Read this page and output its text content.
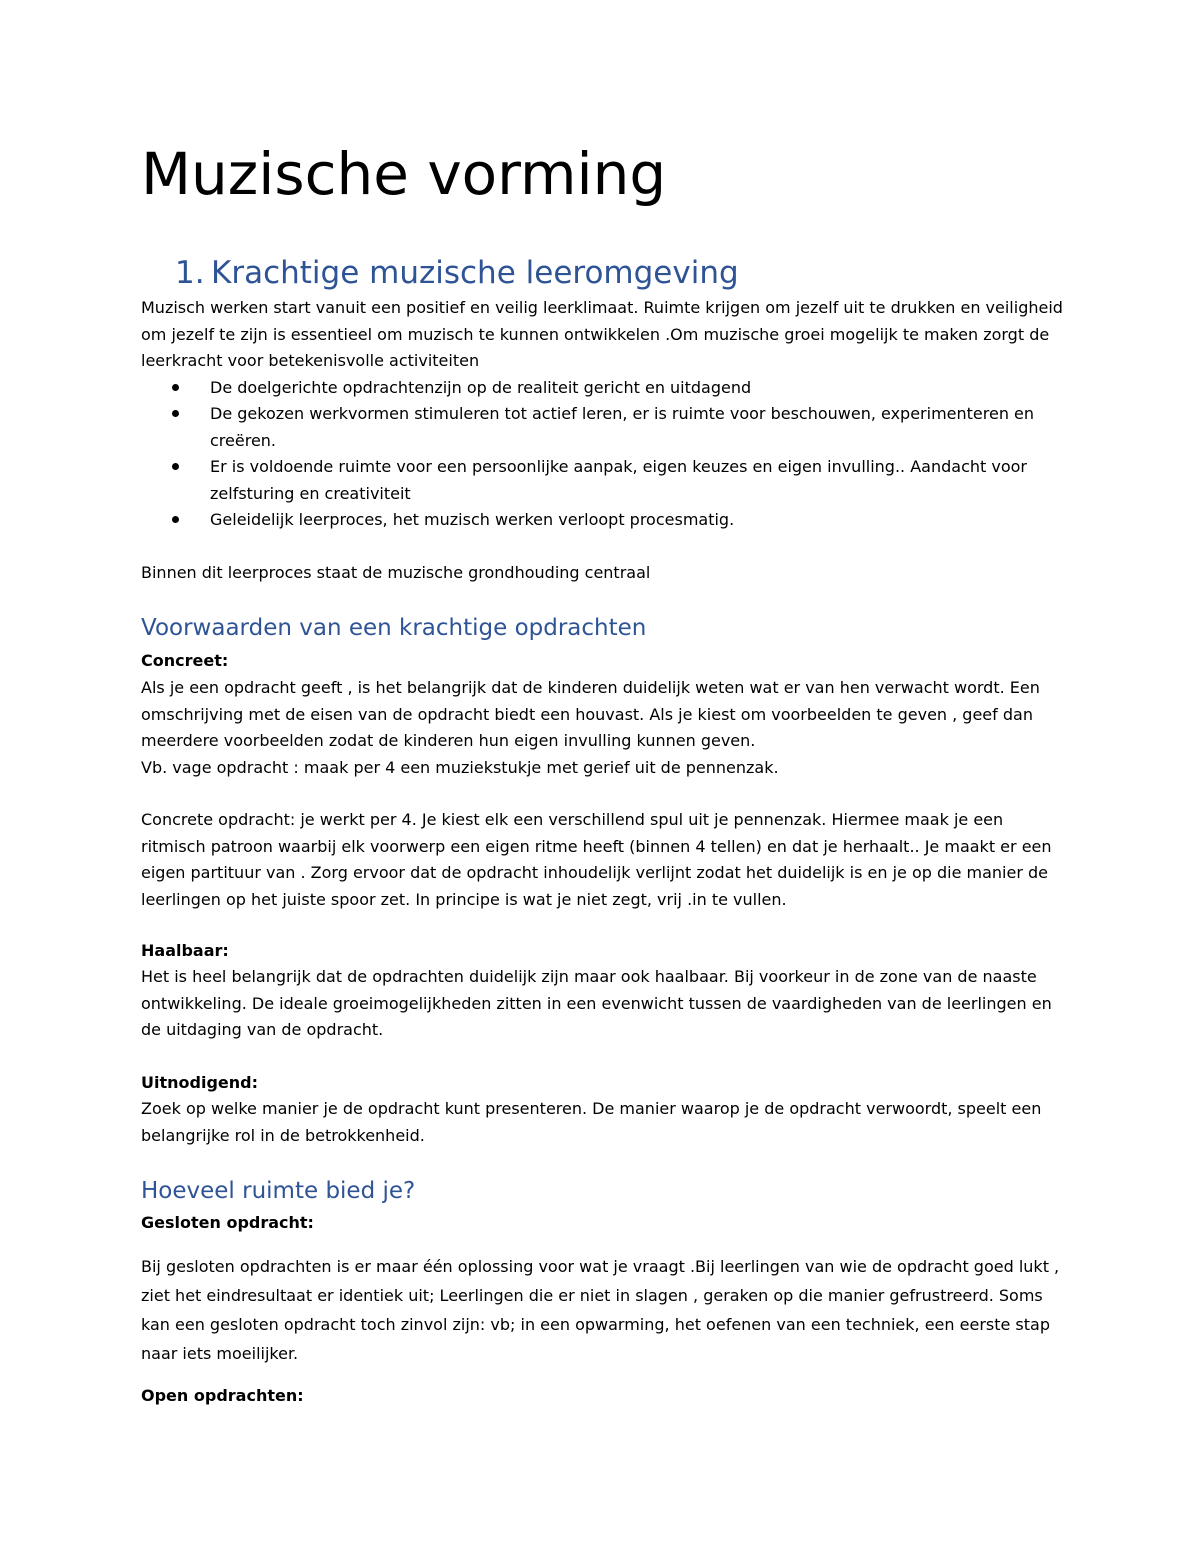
Muzische vorming
1. Krachtige muzische leeromgeving

Muzisch werken start vanuit een positief en veilig leerklimaat. Ruimte krijgen om jezelf uit te drukken en veiligheid om jezelf te zijn is essentieel om muzisch te kunnen ontwikkelen .Om muzische groei mogelijk te maken zorgt de leerkracht voor betekenisvolle activiteiten

De doelgerichte opdrachtenzijn op de realiteit gericht en uitdagend
De gekozen werkvormen stimuleren tot actief leren, er is ruimte voor beschouwen, experimenteren en creëren.
Er is voldoende ruimte voor een persoonlijke aanpak, eigen keuzes en eigen invulling.. Aandacht voor zelfsturing en creativiteit
Geleidelijk leerproces, het muzisch werken verloopt procesmatig.

Binnen dit leerproces staat de muzische grondhouding centraal

Voorwaarden van een krachtige opdrachten

Concreet:

Als je een opdracht geeft , is het belangrijk dat de kinderen duidelijk weten wat er van hen verwacht wordt. Een omschrijving met de eisen van de opdracht biedt een houvast. Als je kiest om voorbeelden te geven , geef dan meerdere voorbeelden zodat de kinderen hun eigen invulling kunnen geven.

Vb. vage opdracht : maak per 4 een muziekstukje met gerief uit de pennenzak.

Concrete opdracht: je werkt per 4. Je kiest elk een verschillend spul uit je pennenzak. Hiermee maak je een ritmisch patroon waarbij elk voorwerp een eigen ritme heeft (binnen 4 tellen) en dat je herhaalt.. Je maakt er een eigen partituur van . Zorg ervoor dat de opdracht inhoudelijk verlijnt zodat het duidelijk is en je op die manier de leerlingen op het juiste spoor zet. In principe is wat je niet zegt, vrij .in te vullen.

Haalbaar:

Het is heel belangrijk dat de opdrachten duidelijk zijn maar ook haalbaar. Bij voorkeur in de zone van de naaste ontwikkeling. De ideale groeimogelijkheden zitten in een evenwicht tussen de vaardigheden van de leerlingen en de uitdaging van de opdracht.

Uitnodigend:

Zoek op welke manier je de opdracht kunt presenteren. De manier waarop je de opdracht verwoordt, speelt een belangrijke rol in de betrokkenheid.

Hoeveel ruimte bied je?

Gesloten opdracht:

Bij gesloten opdrachten is er maar één oplossing voor wat je vraagt .Bij leerlingen van wie de opdracht goed lukt , ziet het eindresultaat er identiek uit; Leerlingen die er niet in slagen , geraken op die manier gefrustreerd. Soms kan een gesloten opdracht toch zinvol zijn: vb; in een opwarming, het oefenen van een techniek, een eerste stap naar iets moeilijker.

Open opdrachten:
